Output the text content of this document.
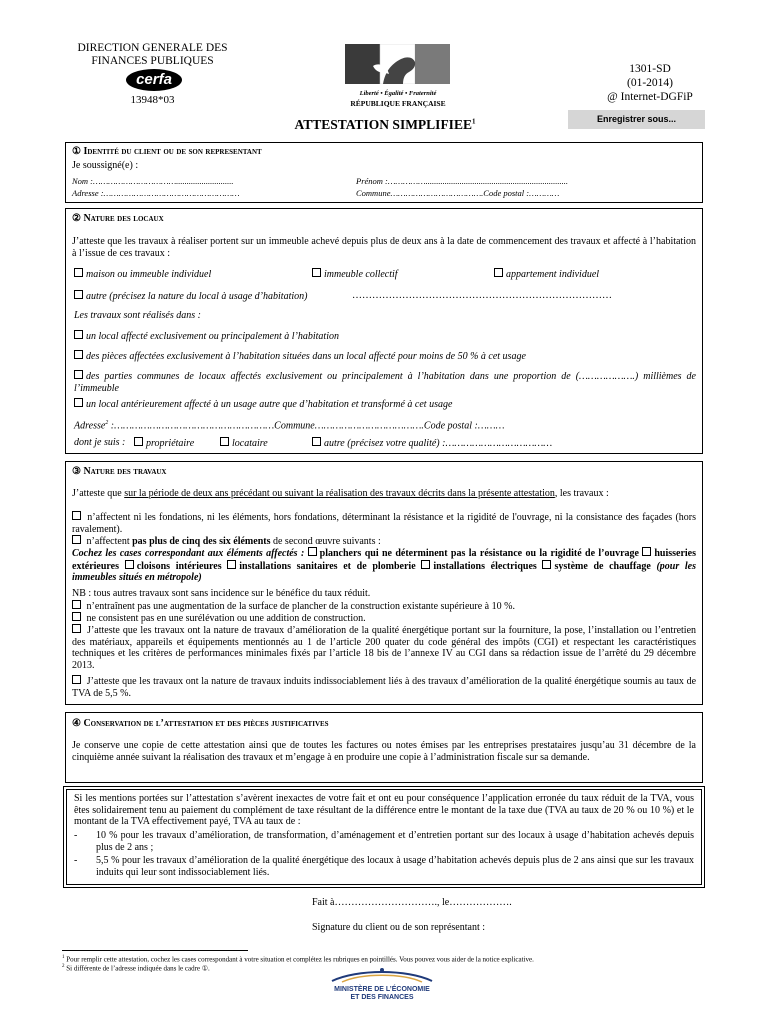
DIRECTION GENERALE DES
FINANCES PUBLIQUES
cerfa
13948*03
Liberté • Égalité • Fraternité
RÉPUBLIQUE FRANÇAISE
1301-SD
(01-2014)
@ Internet-DGFiP
Enregistrer sous...
ATTESTATION SIMPLIFIEE$^1$
① Identité du client ou de son representant
Je soussigné(e) :
Nom :……………………………...........................	Prénom :……………...................................................................
Adresse :………………………………………………	Commune……………………………….Code postal :…………
② Nature des locaux
J’atteste que les travaux à réaliser portent sur un immeuble achevé depuis plus de deux ans à la date de commencement des travaux et affecté à l’habitation à l’issue de ces travaux :
maison ou immeuble individuel	immeuble collectif	appartement individuel
autre (précisez la nature du local à usage d’habitation)	……………………………………………………………………
Les travaux sont réalisés dans :
un local affecté exclusivement ou principalement à l’habitation
des pièces affectées exclusivement à l’habitation situées dans un local affecté pour moins de 50 % à cet usage
des parties communes de locaux affectés exclusivement ou principalement à l’habitation dans une proportion de (……………….) millièmes de l’immeuble
un local antérieurement affecté à un usage autre que d’habitation et transformé à cet usage
Adresse$^2$ :………………………………………………Commune……………………………….Code postal :………
dont je suis :	propriétaire	locataire	autre (précisez votre qualité) :………………………………
③ Nature des travaux
J’atteste que sur la période de deux ans précédant ou suivant la réalisation des travaux décrits dans la présente attestation, les travaux :
n’affectent ni les fondations, ni les éléments, hors fondations, déterminant la résistance et la rigidité de l'ouvrage, ni la consistance des façades (hors ravalement).
n’affectent pas plus de cinq des six éléments de second œuvre suivants :
Cochez les cases correspondant aux éléments affectés : planchers qui ne déterminent pas la résistance ou la rigidité de l’ouvrage huisseries extérieures cloisons intérieures installations sanitaires et de plomberie installations électriques système de chauffage (pour les immeubles situés en métropole)
NB : tous autres travaux sont sans incidence sur le bénéfice du taux réduit.
n’entraînent pas une augmentation de la surface de plancher de la construction existante supérieure à 10 %.
ne consistent pas en une surélévation ou une addition de construction.
J’atteste que les travaux ont la nature de travaux d’amélioration de la qualité énergétique portant sur la fourniture, la pose, l’installation ou l’entretien des matériaux, appareils et équipements mentionnés au 1 de l’article 200 quater du code général des impôts (CGI) et respectant les caractéristiques techniques et les critères de performances minimales fixés par l’article 18 bis de l’annexe IV au CGI dans sa rédaction issue de l’arrêté du 29 décembre 2013.
J’atteste que les travaux ont la nature de travaux induits indissociablement liés à des travaux d’amélioration de la qualité énergétique soumis au taux de TVA de 5,5 %.
④ Conservation de l’attestation et des pièces justificatives
Je conserve une copie de cette attestation ainsi que de toutes les factures ou notes émises par les entreprises prestataires jusqu’au 31 décembre de la cinquième année suivant la réalisation des travaux et m’engage à en produire une copie à l’administration fiscale sur sa demande.
Si les mentions portées sur l’attestation s’avèrent inexactes de votre fait et ont eu pour conséquence l’application erronée du taux réduit de la TVA, vous êtes solidairement tenu au paiement du complément de taxe résultant de la différence entre le montant de la taxe due (TVA au taux de 20 % ou 10 %) et le montant de la TVA effectivement payé, TVA au taux de :
- 10 % pour les travaux d’amélioration, de transformation, d’aménagement et d’entretien portant sur des locaux à usage d’habitation achevés depuis plus de 2 ans ;
- 5,5 % pour les travaux d’amélioration de la qualité énergétique des locaux à usage d’habitation achevés depuis plus de 2 ans ainsi que sur les travaux induits qui leur sont indissociablement liés.
Fait à…………………………., le……………….
Signature du client ou de son représentant :
$^1$ Pour remplir cette attestation, cochez les cases correspondant à votre situation et complétez les rubriques en pointillés. Vous pouvez vous aider de la notice explicative.
$^2$ Si différente de l’adresse indiquée dans le cadre ①.
MINISTÈRE DE L’ÉCONOMIE
ET DES FINANCES
